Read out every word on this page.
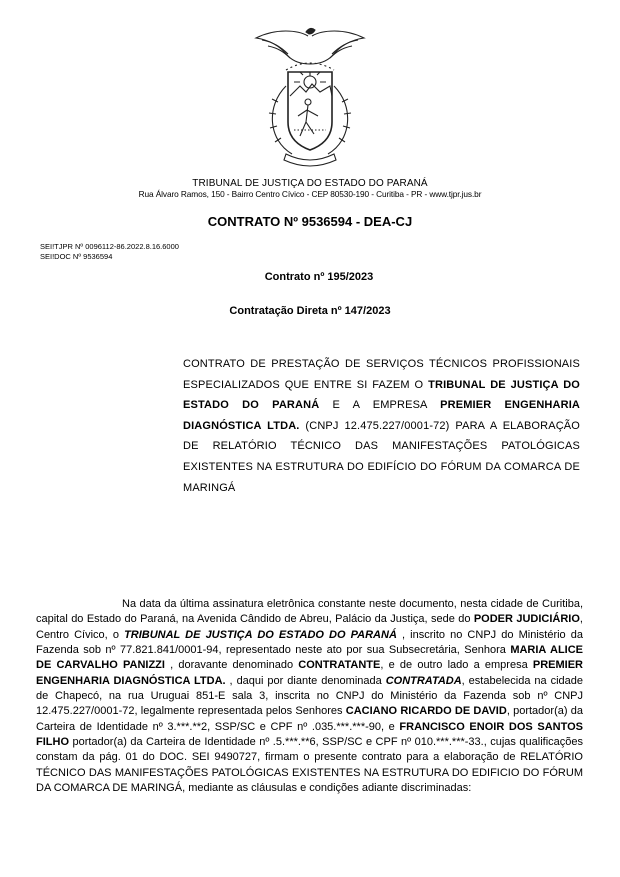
TRIBUNAL DE JUSTIÇA DO ESTADO DO PARANÁ
Rua Álvaro Ramos, 150 - Bairro Centro Cívico - CEP 80530-190 - Curitiba - PR - www.tjpr.jus.br
CONTRATO Nº 9536594 - DEA-CJ
SEI!TJPR Nº 0096112-86.2022.8.16.6000
SEI!DOC Nº 9536594
Contrato nº 195/2023
Contratação Direta nº 147/2023
CONTRATO DE PRESTAÇÃO DE SERVIÇOS TÉCNICOS PROFISSIONAIS ESPECIALIZADOS QUE ENTRE SI FAZEM O TRIBUNAL DE JUSTIÇA DO ESTADO DO PARANÁ E A EMPRESA PREMIER ENGENHARIA DIAGNÓSTICA LTDA. (CNPJ 12.475.227/0001-72) PARA A ELABORAÇÃO DE RELATÓRIO TÉCNICO DAS MANIFESTAÇÕES PATOLÓGICAS EXISTENTES NA ESTRUTURA DO EDIFÍCIO DO FÓRUM DA COMARCA DE MARINGÁ
Na data da última assinatura eletrônica constante neste documento, nesta cidade de Curitiba, capital do Estado do Paraná, na Avenida Cândido de Abreu, Palácio da Justiça, sede do PODER JUDICIÁRIO, Centro Cívico, o TRIBUNAL DE JUSTIÇA DO ESTADO DO PARANÁ , inscrito no CNPJ do Ministério da Fazenda sob nº 77.821.841/0001-94, representado neste ato por sua Subsecretária, Senhora MARIA ALICE DE CARVALHO PANIZZI , doravante denominado CONTRATANTE, e de outro lado a empresa PREMIER ENGENHARIA DIAGNÓSTICA LTDA. , daqui por diante denominada CONTRATADA, estabelecida na cidade de Chapecó, na rua Uruguai 851-E sala 3, inscrita no CNPJ do Ministério da Fazenda sob nº CNPJ 12.475.227/0001-72, legalmente representada pelos Senhores CACIANO RICARDO DE DAVID, portador(a) da Carteira de Identidade nº 3.***.**2, SSP/SC e CPF nº .035.***.***-90, e FRANCISCO ENOIR DOS SANTOS FILHO portador(a) da Carteira de Identidade nº .5.***.**6, SSP/SC e CPF nº 010.***.***-33., cujas qualificações constam da pág. 01 do DOC. SEI 9490727, firmam o presente contrato para a elaboração de RELATÓRIO TÉCNICO DAS MANIFESTAÇÕES PATOLÓGICAS EXISTENTES NA ESTRUTURA DO EDIFICIO DO FÓRUM DA COMARCA DE MARINGÁ, mediante as cláusulas e condições adiante discriminadas:
